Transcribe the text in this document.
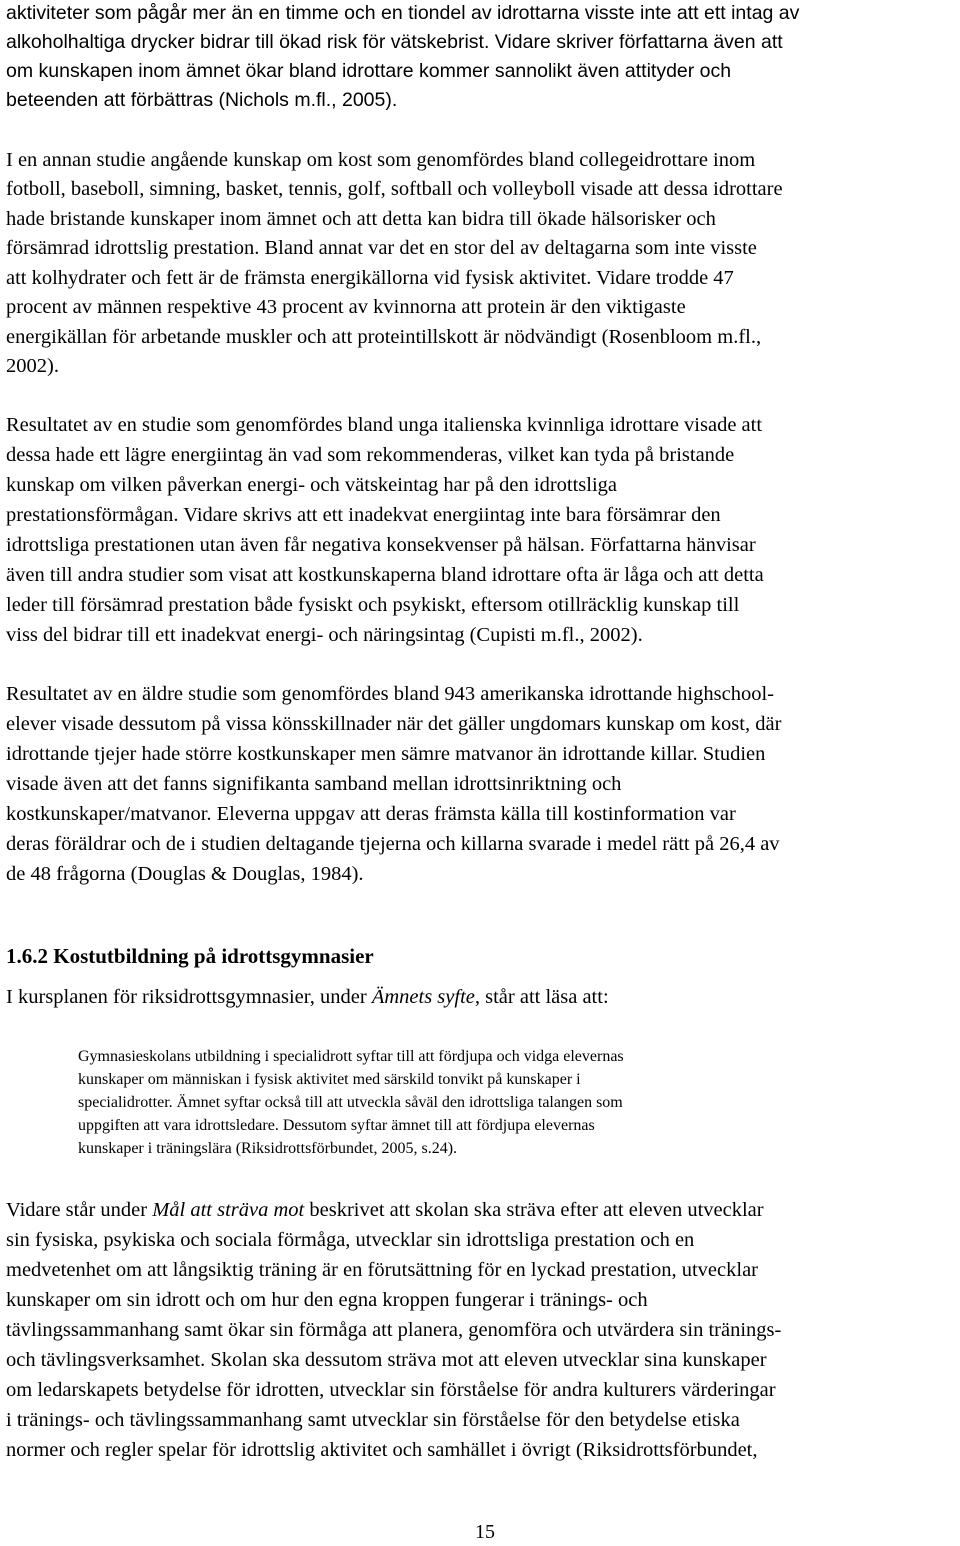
aktiviteter som pågår mer än en timme och en tiondel av idrottarna visste inte att ett intag av
alkoholhaltiga drycker bidrar till ökad risk för vätskebrist. Vidare skriver författarna även att
om kunskapen inom ämnet ökar bland idrottare kommer sannolikt även attityder och
beteenden att förbättras (Nichols m.fl., 2005).
I en annan studie angående kunskap om kost som genomfördes bland collegeidrottare inom
fotboll, baseboll, simning, basket, tennis, golf, softball och volleyboll visade att dessa idrottare
hade bristande kunskaper inom ämnet och att detta kan bidra till ökade hälsorisker och
försämrad idrottslig prestation. Bland annat var det en stor del av deltagarna som inte visste
att kolhydrater och fett är de främsta energikällorna vid fysisk aktivitet. Vidare trodde 47
procent av männen respektive 43 procent av kvinnorna att protein är den viktigaste
energikällan för arbetande muskler och att proteintillskott är nödvändigt (Rosenbloom m.fl.,
2002).
Resultatet av en studie som genomfördes bland unga italienska kvinnliga idrottare visade att
dessa hade ett lägre energiintag än vad som rekommenderas, vilket kan tyda på bristande
kunskap om vilken påverkan energi- och vätskeintag har på den idrottsliga
prestationsförmågan. Vidare skrivs att ett inadekvat energiintag inte bara försämrar den
idrottsliga prestationen utan även får negativa konsekvenser på hälsan. Författarna hänvisar
även till andra studier som visat att kostkunskaperna bland idrottare ofta är låga och att detta
leder till försämrad prestation både fysiskt och psykiskt, eftersom otillräcklig kunskap till
viss del bidrar till ett inadekvat energi- och näringsintag (Cupisti m.fl., 2002).
Resultatet av en äldre studie som genomfördes bland 943 amerikanska idrottande highschool-
elever visade dessutom på vissa könsskillnader när det gäller ungdomars kunskap om kost, där
idrottande tjejer hade större kostkunskaper men sämre matvanor än idrottande killar. Studien
visade även att det fanns signifikanta samband mellan idrottsinriktning och
kostkunskaper/matvanor. Eleverna uppgav att deras främsta källa till kostinformation var
deras föräldrar och de i studien deltagande tjejerna och killarna svarade i medel rätt på 26,4 av
de 48 frågorna (Douglas & Douglas, 1984).
1.6.2 Kostutbildning på idrottsgymnasier
I kursplanen för riksidrottsgymnasier, under Ämnets syfte, står att läsa att:
Gymnasieskolans utbildning i specialidrott syftar till att fördjupa och vidga elevernas
kunskaper om människan i fysisk aktivitet med särskild tonvikt på kunskaper i
specialidrotter. Ämnet syftar också till att utveckla såväl den idrottsliga talangen som
uppgiften att vara idrottsledare. Dessutom syftar ämnet till att fördjupa elevernas
kunskaper i träningslära (Riksidrottsförbundet, 2005, s.24).
Vidare står under Mål att sträva mot beskrivet att skolan ska sträva efter att eleven utvecklar
sin fysiska, psykiska och sociala förmåga, utvecklar sin idrottsliga prestation och en
medvetenhet om att långsiktig träning är en förutsättning för en lyckad prestation, utvecklar
kunskaper om sin idrott och om hur den egna kroppen fungerar i tränings- och
tävlingssammanhang samt ökar sin förmåga att planera, genomföra och utvärdera sin tränings-
och tävlingsverksamhet. Skolan ska dessutom sträva mot att eleven utvecklar sina kunskaper
om ledarskapets betydelse för idrotten, utvecklar sin förståelse för andra kulturers värderingar
i tränings- och tävlingssammanhang samt utvecklar sin förståelse för den betydelse etiska
normer och regler spelar för idrottslig aktivitet och samhället i övrigt (Riksidrottsförbundet,
15
